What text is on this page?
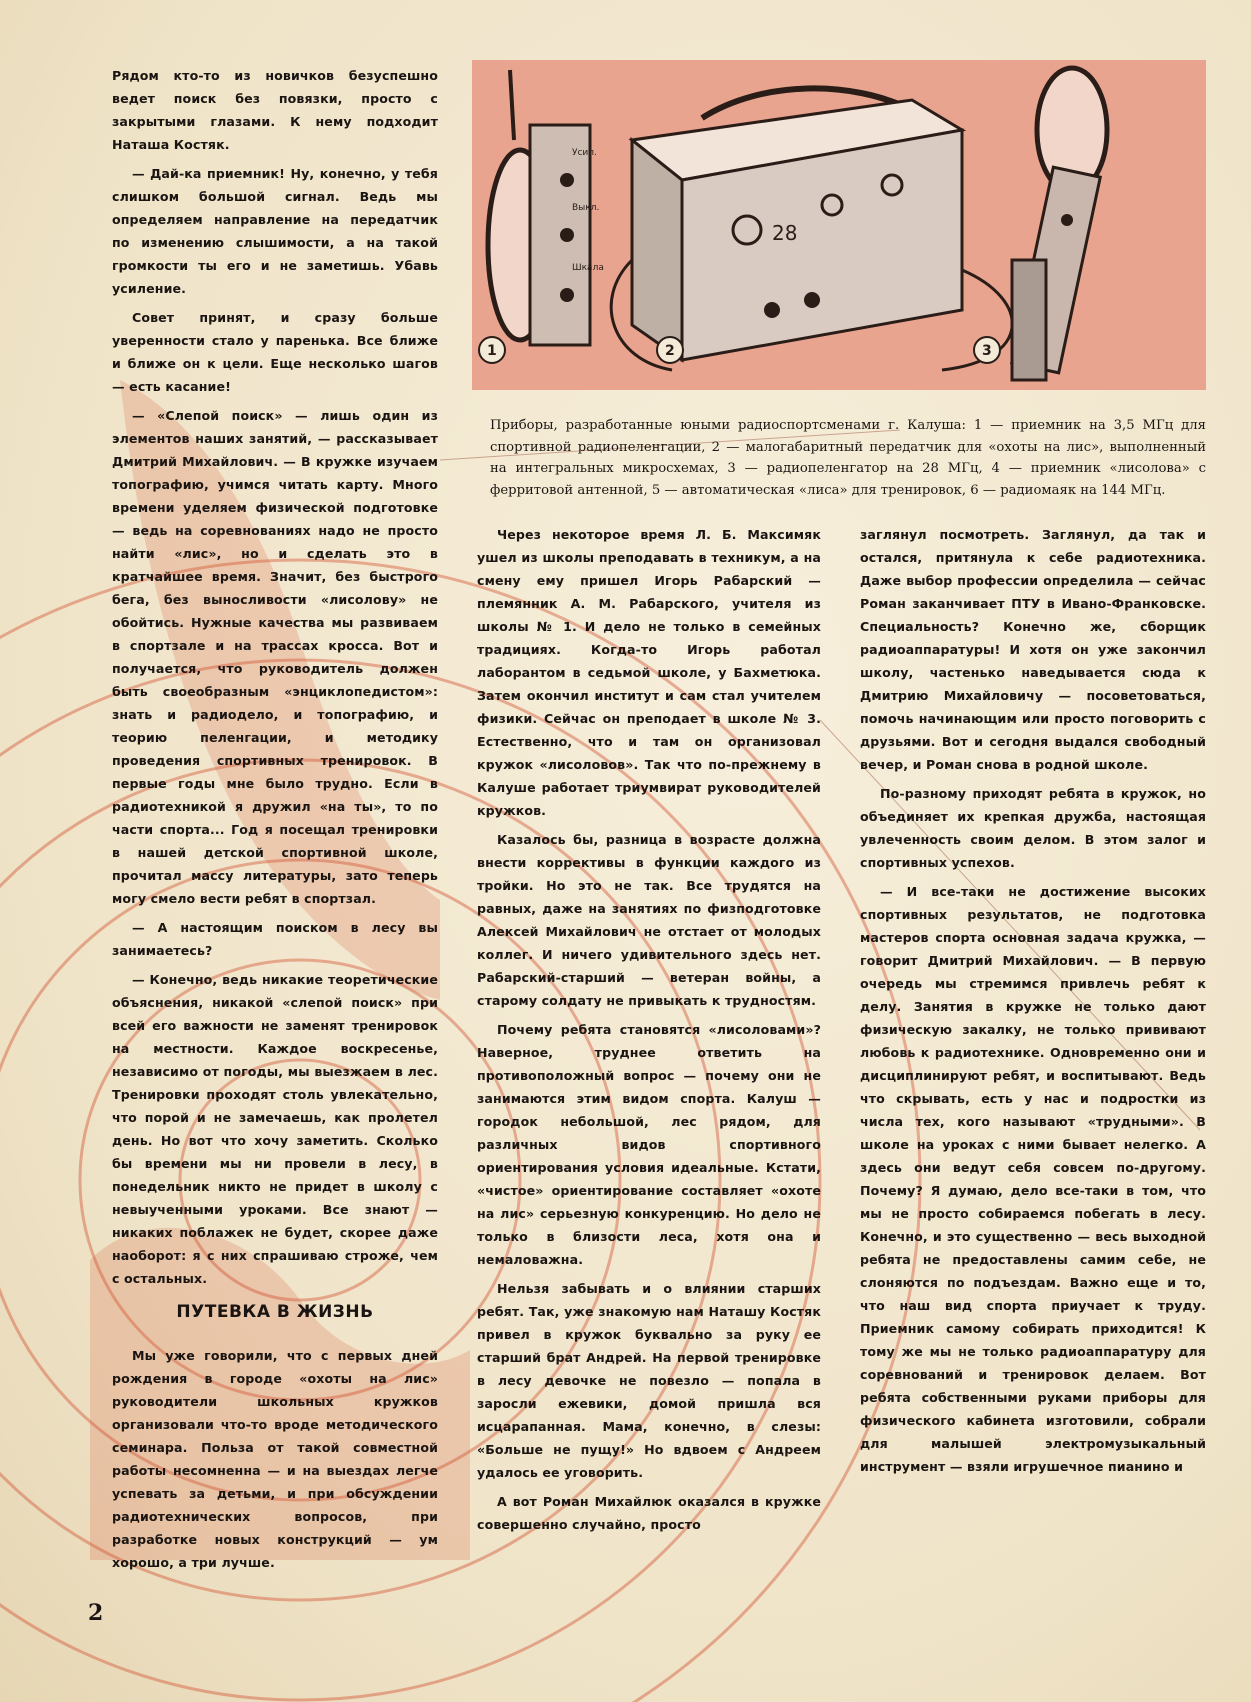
Усил.
Выкл.
Шкала
28
1	2	3
Приборы, разработанные юными радиоспортсменами г. Калуша: 1 — приемник на 3,5 МГц для спортивной радиопеленгации, 2 — малогабаритный передатчик для «охоты на лис», выполненный на интегральных микросхемах, 3 — радиопеленгатор на 28 МГц, 4 — приемник «лисолова» с ферритовой антенной, 5 — автоматическая «лиса» для тренировок, 6 — радиомаяк на 144 МГц.

Рядом кто-то из новичков безуспешно ведет поиск без повязки, просто с закрытыми глазами. К нему подходит Наташа Костяк.

— Дай-ка приемник! Ну, конечно, у тебя слишком большой сигнал. Ведь мы определяем направление на передатчик по изменению слышимости, а на такой громкости ты его и не заметишь. Убавь усиление.

Совет принят, и сразу больше уверенности стало у паренька. Все ближе и ближе он к цели. Еще несколько шагов — есть касание!

— «Слепой поиск» — лишь один из элементов наших занятий, — рассказывает Дмитрий Михайлович. — В кружке изучаем топографию, учимся читать карту. Много времени уделяем физической подготовке — ведь на соревнованиях надо не просто найти «лис», но и сделать это в кратчайшее время. Значит, без быстрого бега, без выносливости «лисолову» не обойтись. Нужные качества мы развиваем в спортзале и на трассах кросса. Вот и получается, что руководитель должен быть своеобразным «энциклопедистом»: знать и радиодело, и топографию, и теорию пеленгации, и методику проведения спортивных тренировок. В первые годы мне было трудно. Если в радиотехникой я дружил «на ты», то по части спорта... Год я посещал тренировки в нашей детской спортивной школе, прочитал массу литературы, зато теперь могу смело вести ребят в спортзал.

— А настоящим поиском в лесу вы занимаетесь?

— Конечно, ведь никакие теоретические объяснения, никакой «слепой поиск» при всей его важности не заменят тренировок на местности. Каждое воскресенье, независимо от погоды, мы выезжаем в лес. Тренировки проходят столь увлекательно, что порой и не замечаешь, как пролетел день. Но вот что хочу заметить. Сколько бы времени мы ни провели в лесу, в понедельник никто не придет в школу с невыученными уроками. Все знают — никаких поблажек не будет, скорее даже наоборот: я с них спрашиваю строже, чем с остальных.

ПУТЕВКА В ЖИЗНЬ

Мы уже говорили, что с первых дней рождения в городе «охоты на лис» руководители школьных кружков организовали что-то вроде методического семинара. Польза от такой совместной работы несомненна — и на выездах легче успевать за детьми, и при обсуждении радиотехнических вопросов, при разработке новых конструкций — ум хорошо, а три лучше.

Через некоторое время Л. Б. Максимяк ушел из школы преподавать в техникум, а на смену ему пришел Игорь Рабарский — племянник А. М. Рабарского, учителя из школы № 1. И дело не только в семейных традициях. Когда-то Игорь работал лаборантом в седьмой школе, у Бахметюка. Затем окончил институт и сам стал учителем физики. Сейчас он преподает в школе № 3. Естественно, что и там он организовал кружок «лисоловов». Так что по-прежнему в Калуше работает триумвират руководителей кружков.

Казалось бы, разница в возрасте должна внести коррективы в функции каждого из тройки. Но это не так. Все трудятся на равных, даже на занятиях по физподготовке Алексей Михайлович не отстает от молодых коллег. И ничего удивительного здесь нет. Рабарский-старший — ветеран войны, а старому солдату не привыкать к трудностям.

Почему ребята становятся «лисоловами»? Наверное, труднее ответить на противоположный вопрос — почему они не занимаются этим видом спорта. Калуш — городок небольшой, лес рядом, для различных видов спортивного ориентирования условия идеальные. Кстати, «чистое» ориентирование составляет «охоте на лис» серьезную конкуренцию. Но дело не только в близости леса, хотя она и немаловажна.

Нельзя забывать и о влиянии старших ребят. Так, уже знакомую нам Наташу Костяк привел в кружок буквально за руку ее старший брат Андрей. На первой тренировке в лесу девочке не повезло — попала в заросли ежевики, домой пришла вся исцарапанная. Мама, конечно, в слезы: «Больше не пущу!» Но вдвоем с Андреем удалось ее уговорить.

А вот Роман Михайлюк оказался в кружке совершенно случайно, просто

заглянул посмотреть. Заглянул, да так и остался, притянула к себе радиотехника. Даже выбор профессии определила — сейчас Роман заканчивает ПТУ в Ивано-Франковске. Специальность? Конечно же, сборщик радиоаппаратуры! И хотя он уже закончил школу, частенько наведывается сюда к Дмитрию Михайловичу — посоветоваться, помочь начинающим или просто поговорить с друзьями. Вот и сегодня выдался свободный вечер, и Роман снова в родной школе.

По-разному приходят ребята в кружок, но объединяет их крепкая дружба, настоящая увлеченность своим делом. В этом залог и спортивных успехов.

— И все-таки не достижение высоких спортивных результатов, не подготовка мастеров спорта основная задача кружка, — говорит Дмитрий Михайлович. — В первую очередь мы стремимся привлечь ребят к делу. Занятия в кружке не только дают физическую закалку, не только прививают любовь к радиотехнике. Одновременно они и дисциплинируют ребят, и воспитывают. Ведь что скрывать, есть у нас и подростки из числа тех, кого называют «трудными». В школе на уроках с ними бывает нелегко. А здесь они ведут себя совсем по-другому. Почему? Я думаю, дело все-таки в том, что мы не просто собираемся побегать в лесу. Конечно, и это существенно — весь выходной ребята не предоставлены самим себе, не слоняются по подъездам. Важно еще и то, что наш вид спорта приучает к труду. Приемник самому собирать приходится! К тому же мы не только радиоаппаратуру для соревнований и тренировок делаем. Вот ребята собственными руками приборы для физического кабинета изготовили, собрали для малышей электромузыкальный инструмент — взяли игрушечное пианино и

2
